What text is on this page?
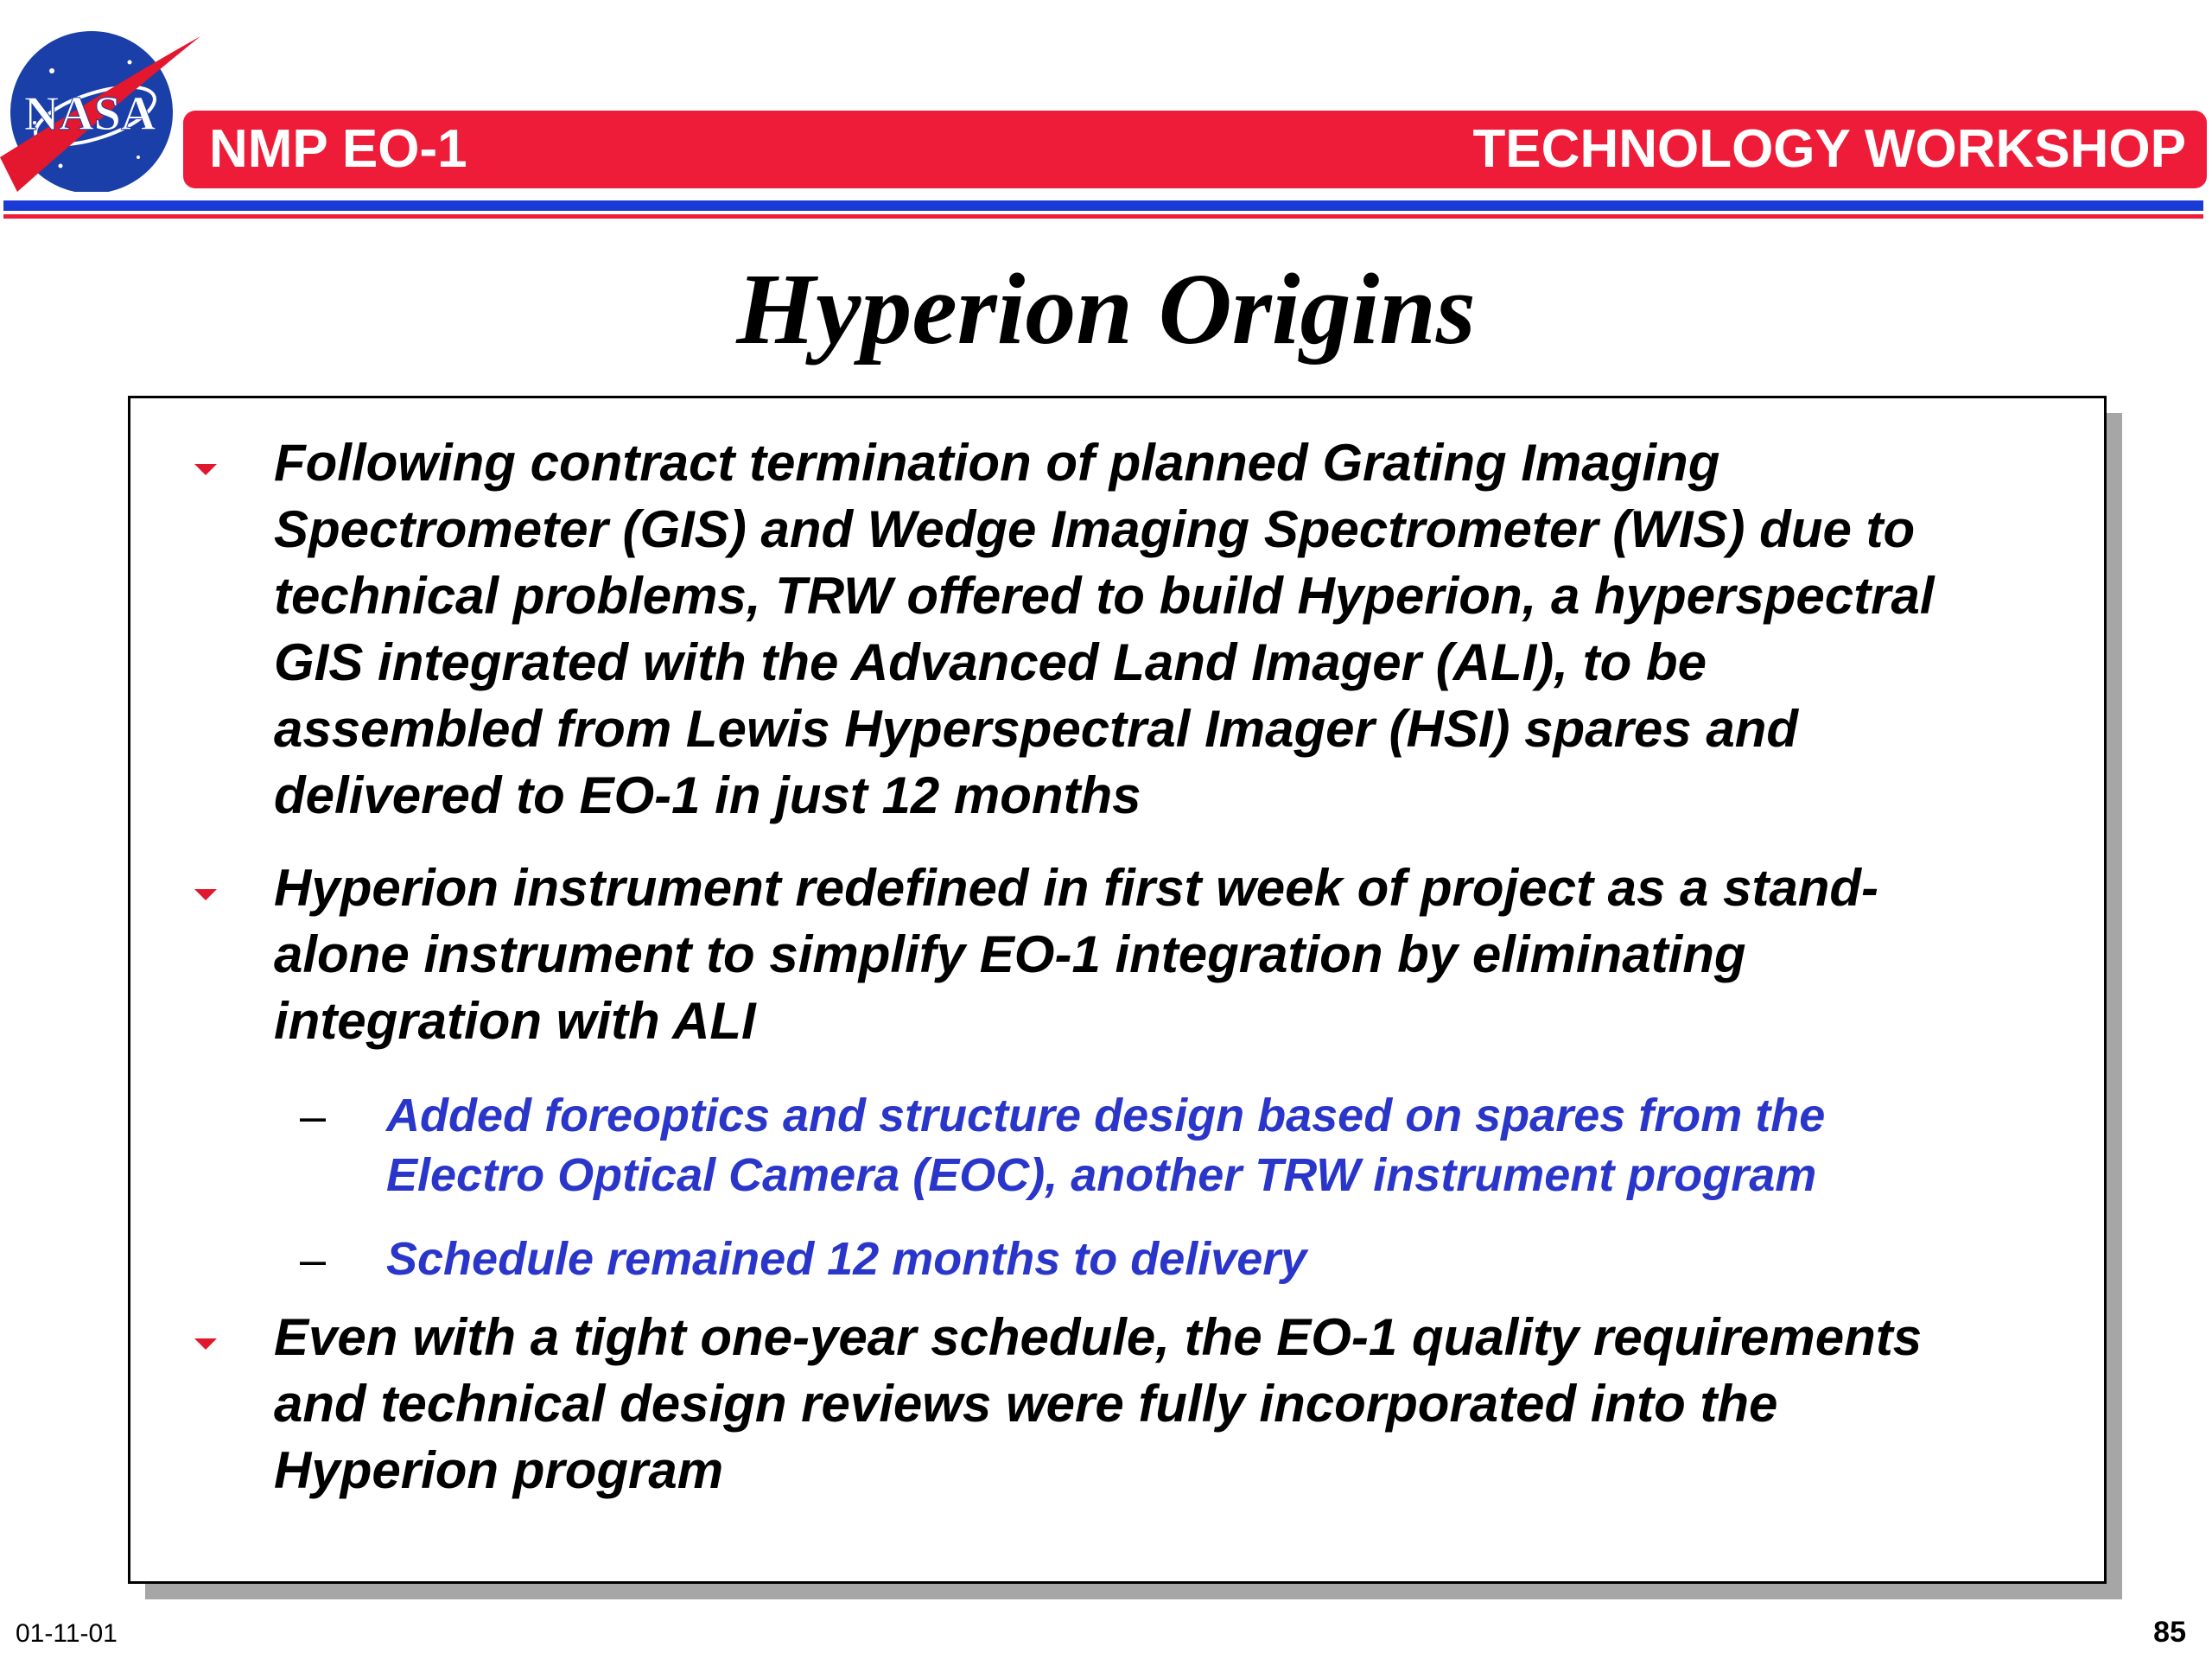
NASA
NMP EO-1	TECHNOLOGY WORKSHOP
Hyperion Origins
Following contract termination of planned Grating Imaging
Spectrometer (GIS) and Wedge Imaging Spectrometer (WIS) due to
technical problems, TRW offered to build Hyperion, a hyperspectral
GIS integrated with the Advanced Land Imager (ALI), to be
assembled from Lewis Hyperspectral Imager (HSI) spares and
delivered to EO-1 in just 12 months
Hyperion instrument redefined in first week of project as a stand-
alone instrument to simplify EO-1 integration by eliminating
integration with ALI
– Added foreoptics and structure design based on spares from the
Electro Optical Camera (EOC), another TRW instrument program
– Schedule remained 12 months to delivery
Even with a tight one-year schedule, the EO-1 quality requirements
and technical design reviews were fully incorporated into the
Hyperion program
01-11-01	85
